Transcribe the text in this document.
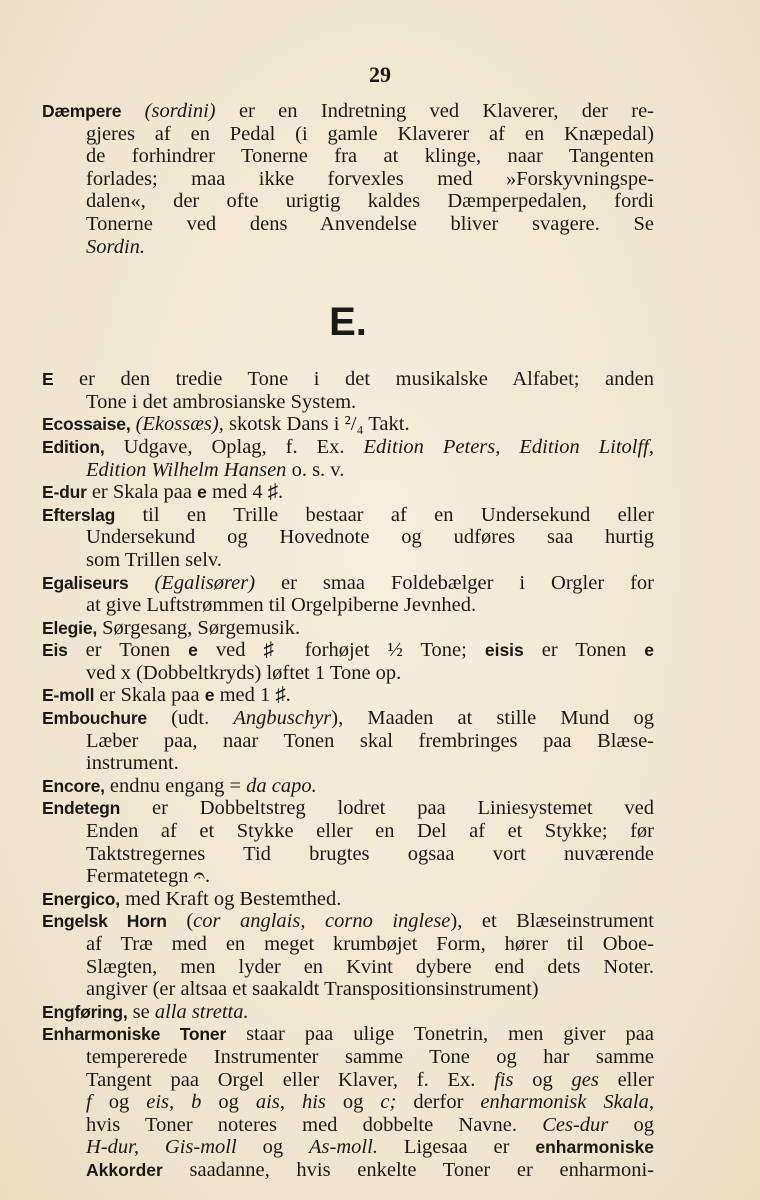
29
Dæmpere (sordini) er en Indretning ved Klaverer, der re-
gjeres af en Pedal (i gamle Klaverer af en Knæpedal)
de forhindrer Tonerne fra at klinge, naar Tangenten
forlades; maa ikke forvexles med »Forskyvningspe-
dalen«, der ofte urigtig kaldes Dæmperpedalen, fordi
Tonerne ved dens Anvendelse bliver svagere. Se
Sordin.
E.
E er den tredie Tone i det musikalske Alfabet; anden
Tone i det ambrosianske System.
Ecossaise, (Ekossæs), skotsk Dans i ²/₄ Takt.
Edition, Udgave, Oplag, f. Ex. Edition Peters, Edition Litolff,
Edition Wilhelm Hansen o. s. v.
E-dur er Skala paa e med 4 ♯.
Efterslag til en Trille bestaar af en Undersekund eller
Undersekund og Hovednote og udføres saa hurtig
som Trillen selv.
Egaliseurs (Egalisører) er smaa Foldebælger i Orgler for
at give Luftstrømmen til Orgelpiberne Jevnhed.
Elegie, Sørgesang, Sørgemusik.
Eis er Tonen e ved ♯ forhøjet ½ Tone; eisis er Tonen e
ved x (Dobbeltkryds) løftet 1 Tone op.
E-moll er Skala paa e med 1 ♯.
Embouchure (udt. Angbuschyr), Maaden at stille Mund og
Læber paa, naar Tonen skal frembringes paa Blæse-
instrument.
Encore, endnu engang = da capo.
Endetegn er Dobbeltstreg lodret paa Liniesystemet ved
Enden af et Stykke eller en Del af et Stykke; før
Taktstregernes Tid brugtes ogsaa vort nuværende
Fermatetegn 𝄐.
Energico, med Kraft og Bestemthed.
Engelsk Horn (cor anglais, corno inglese), et Blæseinstrument
af Træ med en meget krumbøjet Form, hører til Oboe-
Slægten, men lyder en Kvint dybere end dets Noter.
angiver (er altsaa et saakaldt Transpositionsinstrument)
Engføring, se alla stretta.
Enharmoniske Toner staar paa ulige Tonetrin, men giver paa
tempererede Instrumenter samme Tone og har samme
Tangent paa Orgel eller Klaver, f. Ex. fis og ges eller
f og eis, b og ais, his og c; derfor enharmonisk Skala,
hvis Toner noteres med dobbelte Navne. Ces-dur og
H-dur, Gis-moll og As-moll. Ligesaa er enharmoniske
Akkorder saadanne, hvis enkelte Toner er enharmoni-
